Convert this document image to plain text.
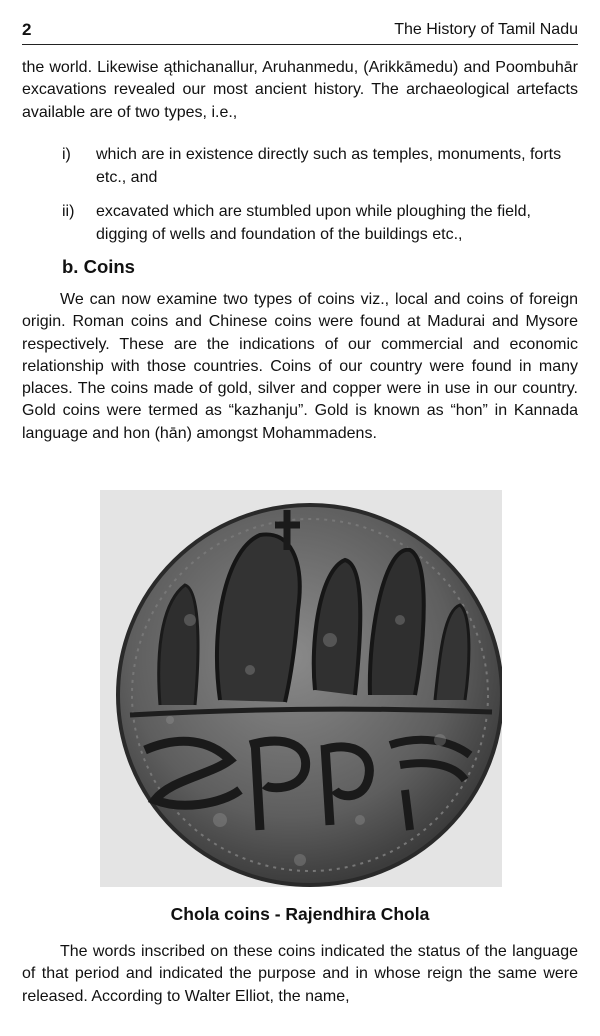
2	The History of Tamil Nadu

the world. Likewise ąthichanallur, Aruhanmedu, (Arikkāmedu) and Poombuhār excavations revealed our most ancient history. The archaeological artefacts available are of two types, i.e.,

i) which are in existence directly such as temples, monuments, forts etc., and
ii) excavated which are stumbled upon while ploughing the field, digging of wells and foundation of the buildings etc.,
b. Coins

We can now examine two types of coins viz., local and coins of foreign origin. Roman coins and Chinese coins were found at Madurai and Mysore respectively. These are the indications of our commercial and economic relationship with those countries. Coins of our country were found in many places. The coins made of gold, silver and copper were in use in our country. Gold coins were termed as “kazhanju”. Gold is known as “hon” in Kannada language and hon (hān) amongst Mohammadens.

Chola coins - Rajendhira Chola

The words inscribed on these coins indicated the status of the language of that period and indicated the purpose and in whose reign the same were released. According to Walter Elliot, the name,
